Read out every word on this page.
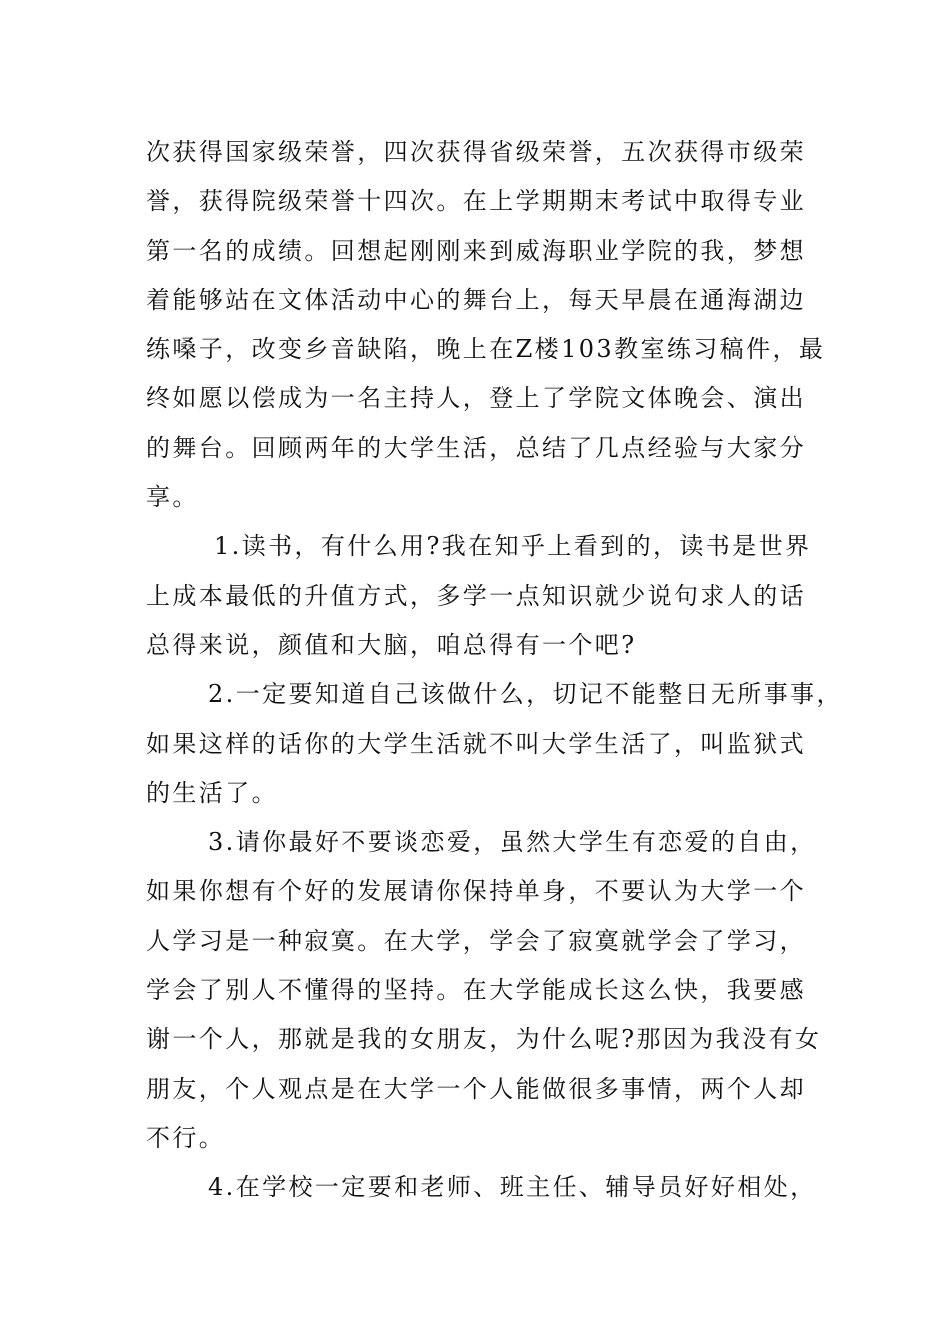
次获得国家级荣誉，四次获得省级荣誉，五次获得市级荣
誉，获得院级荣誉十四次。在上学期期末考试中取得专业
第一名的成绩。回想起刚刚来到威海职业学院的我，梦想
着能够站在文体活动中心的舞台上，每天早晨在通海湖边
练嗓子，改变乡音缺陷，晚上在Z楼103教室练习稿件，最
终如愿以偿成为一名主持人，登上了学院文体晚会、演出
的舞台。回顾两年的大学生活，总结了几点经验与大家分
享。
1.读书，有什么用?我在知乎上看到的，读书是世界
上成本最低的升值方式，多学一点知识就少说句求人的话
总得来说，颜值和大脑，咱总得有一个吧?
2.一定要知道自己该做什么，切记不能整日无所事事，
如果这样的话你的大学生活就不叫大学生活了，叫监狱式
的生活了。
3.请你最好不要谈恋爱，虽然大学生有恋爱的自由，
如果你想有个好的发展请你保持单身，不要认为大学一个
人学习是一种寂寞。在大学，学会了寂寞就学会了学习，
学会了别人不懂得的坚持。在大学能成长这么快，我要感
谢一个人，那就是我的女朋友，为什么呢?那因为我没有女
朋友，个人观点是在大学一个人能做很多事情，两个人却
不行。
4.在学校一定要和老师、班主任、辅导员好好相处，
